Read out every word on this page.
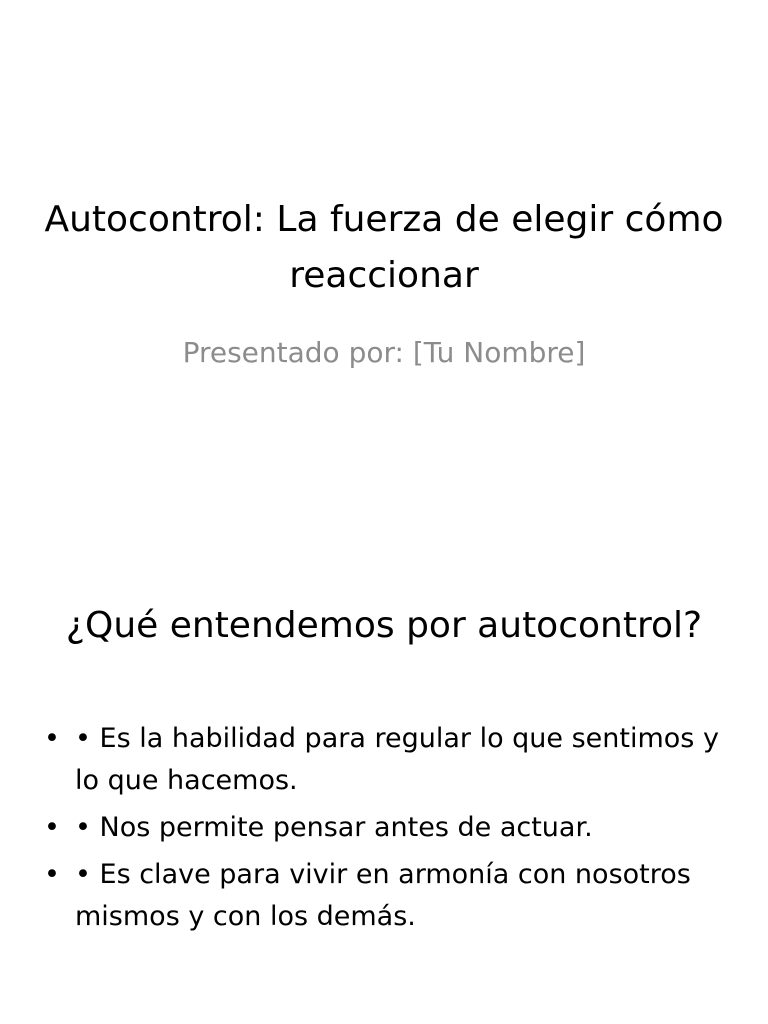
Autocontrol: La fuerza de elegir cómo reaccionar
Presentado por: [Tu Nombre]
¿Qué entendemos por autocontrol?
• • Es la habilidad para regular lo que sentimos y lo que hacemos.
• • Nos permite pensar antes de actuar.
• • Es clave para vivir en armonía con nosotros mismos y con los demás.
